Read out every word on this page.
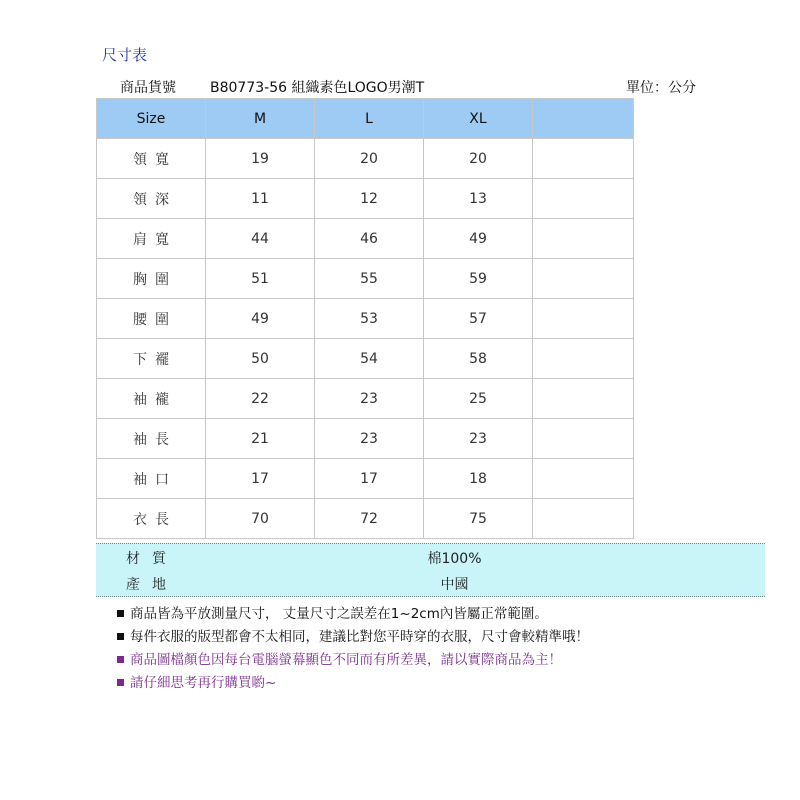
尺寸表
商品貨號 B80773-56 組織素色LOGO男潮T	單位：公分
Size	M	L	XL	
領寬	19	20	20	
領深	11	12	13	
肩寬	44	46	49	
胸圍	51	55	59	
腰圍	49	53	57	
下襬	50	54	58	
袖襱	22	23	25	
袖長	21	23	23	
袖口	17	17	18	
衣長	70	72	75	
材質	棉100%
產地	中國
商品皆為平放測量尺寸， 丈量尺寸之誤差在1~2cm內皆屬正常範圍。
每件衣服的版型都會不太相同，建議比對您平時穿的衣服，尺寸會較精準哦！
商品圖檔顏色因每台電腦螢幕顯色不同而有所差異，請以實際商品為主！
請仔細思考再行購買喲~
